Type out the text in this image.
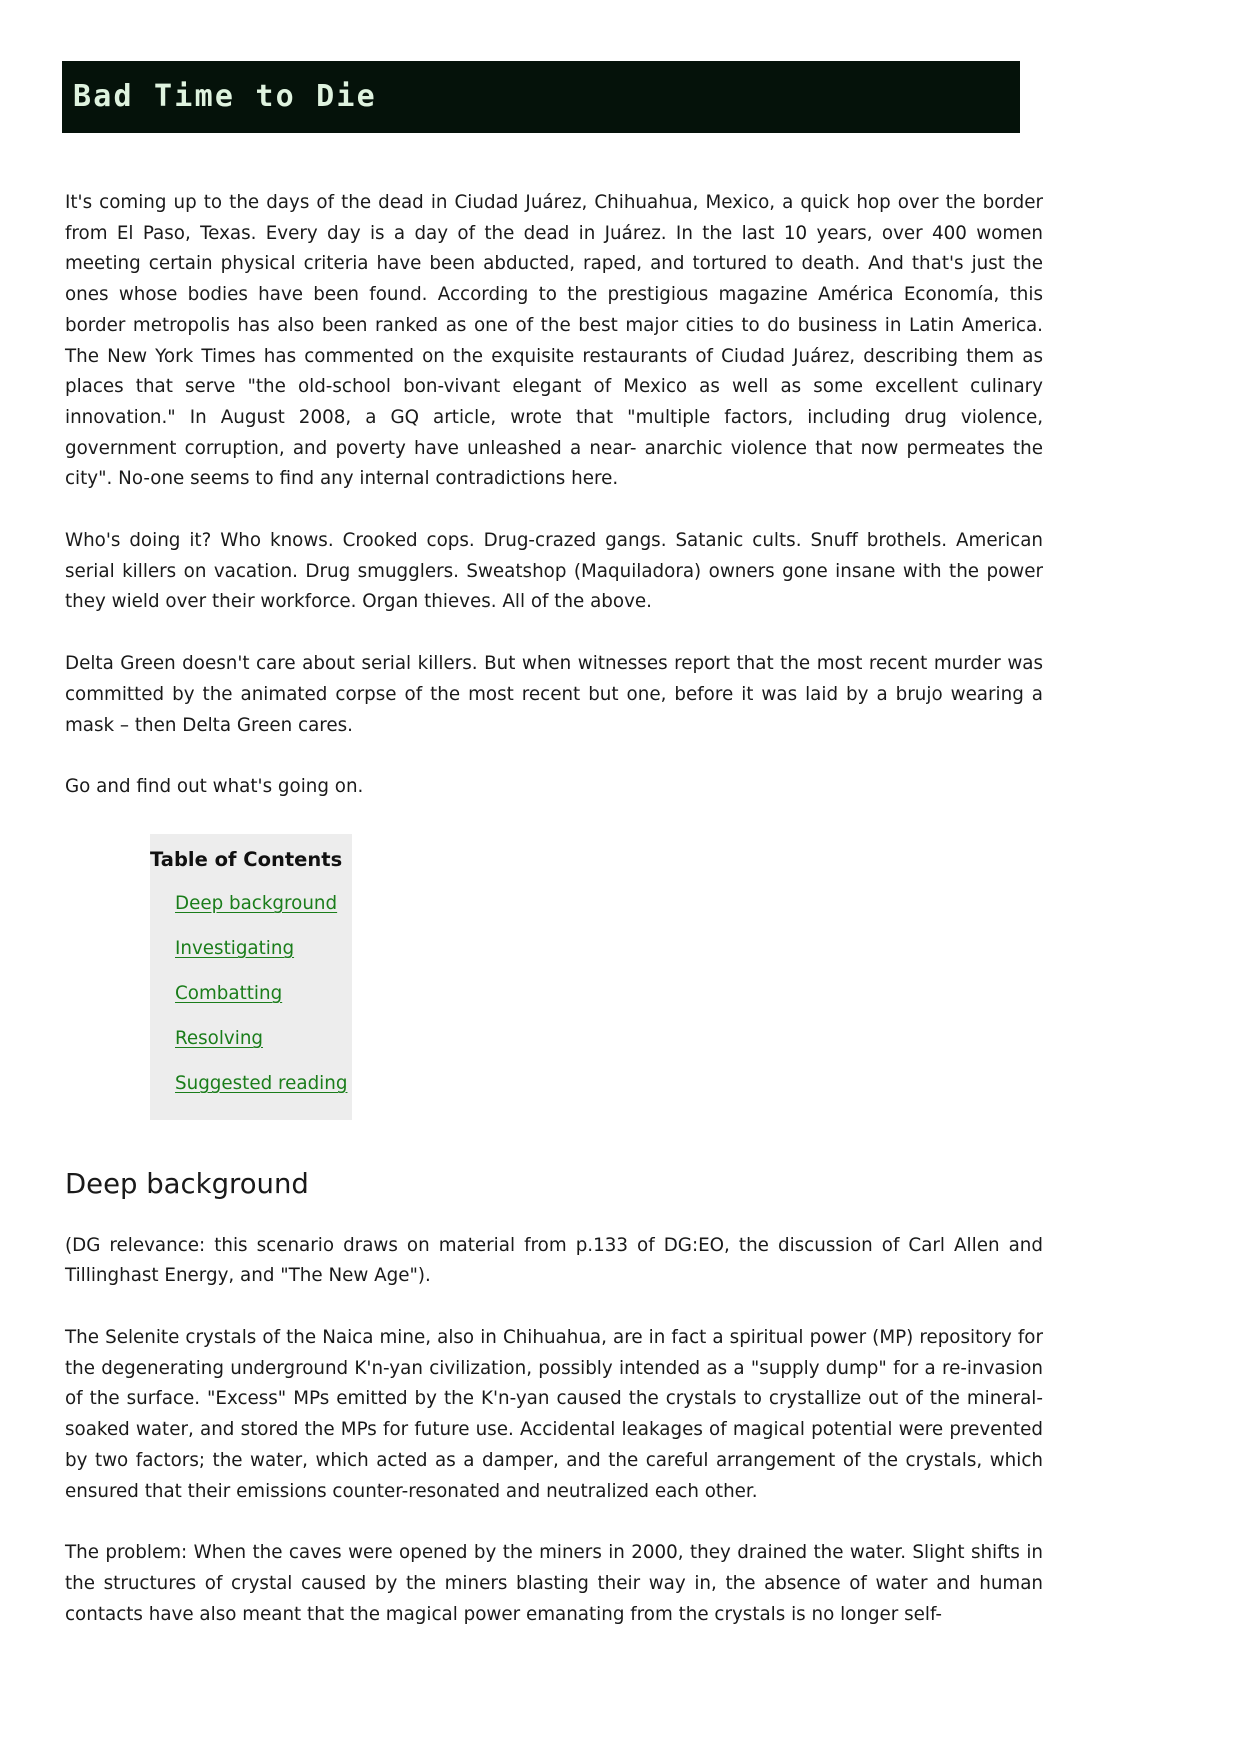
Bad Time to Die

It's coming up to the days of the dead in Ciudad Juárez, Chihuahua, Mexico, a quick hop over the border from El Paso, Texas. Every day is a day of the dead in Juárez. In the last 10 years, over 400 women meeting certain physical criteria have been abducted, raped, and tortured to death. And that's just the ones whose bodies have been found. According to the prestigious magazine América Economía, this border metropolis has also been ranked as one of the best major cities to do business in Latin America. The New York Times has commented on the exquisite restaurants of Ciudad Juárez, describing them as places that serve "the old-school bon-vivant elegant of Mexico as well as some excellent culinary innovation." In August 2008, a GQ article, wrote that "multiple factors, including drug violence, government corruption, and poverty have unleashed a near- anarchic violence that now permeates the city". No-one seems to find any internal contradictions here.

Who's doing it? Who knows. Crooked cops. Drug-crazed gangs. Satanic cults. Snuff brothels. American serial killers on vacation. Drug smugglers. Sweatshop (Maquiladora) owners gone insane with the power they wield over their workforce. Organ thieves. All of the above.

Delta Green doesn't care about serial killers. But when witnesses report that the most recent murder was committed by the animated corpse of the most recent but one, before it was laid by a brujo wearing a mask – then Delta Green cares.

Go and find out what's going on.

Table of Contents
Deep background
Investigating
Combatting
Resolving
Suggested reading
Deep background

(DG relevance: this scenario draws on material from p.133 of DG:EO, the discussion of Carl Allen and Tillinghast Energy, and "The New Age").

The Selenite crystals of the Naica mine, also in Chihuahua, are in fact a spiritual power (MP) repository for the degenerating underground K'n-yan civilization, possibly intended as a "supply dump" for a re-invasion of the surface. "Excess" MPs emitted by the K'n-yan caused the crystals to crystallize out of the mineral-soaked water, and stored the MPs for future use. Accidental leakages of magical potential were prevented by two factors; the water, which acted as a damper, and the careful arrangement of the crystals, which ensured that their emissions counter-resonated and neutralized each other.

The problem: When the caves were opened by the miners in 2000, they drained the water. Slight shifts in the structures of crystal caused by the miners blasting their way in, the absence of water and human contacts have also meant that the magical power emanating from the crystals is no longer self-
